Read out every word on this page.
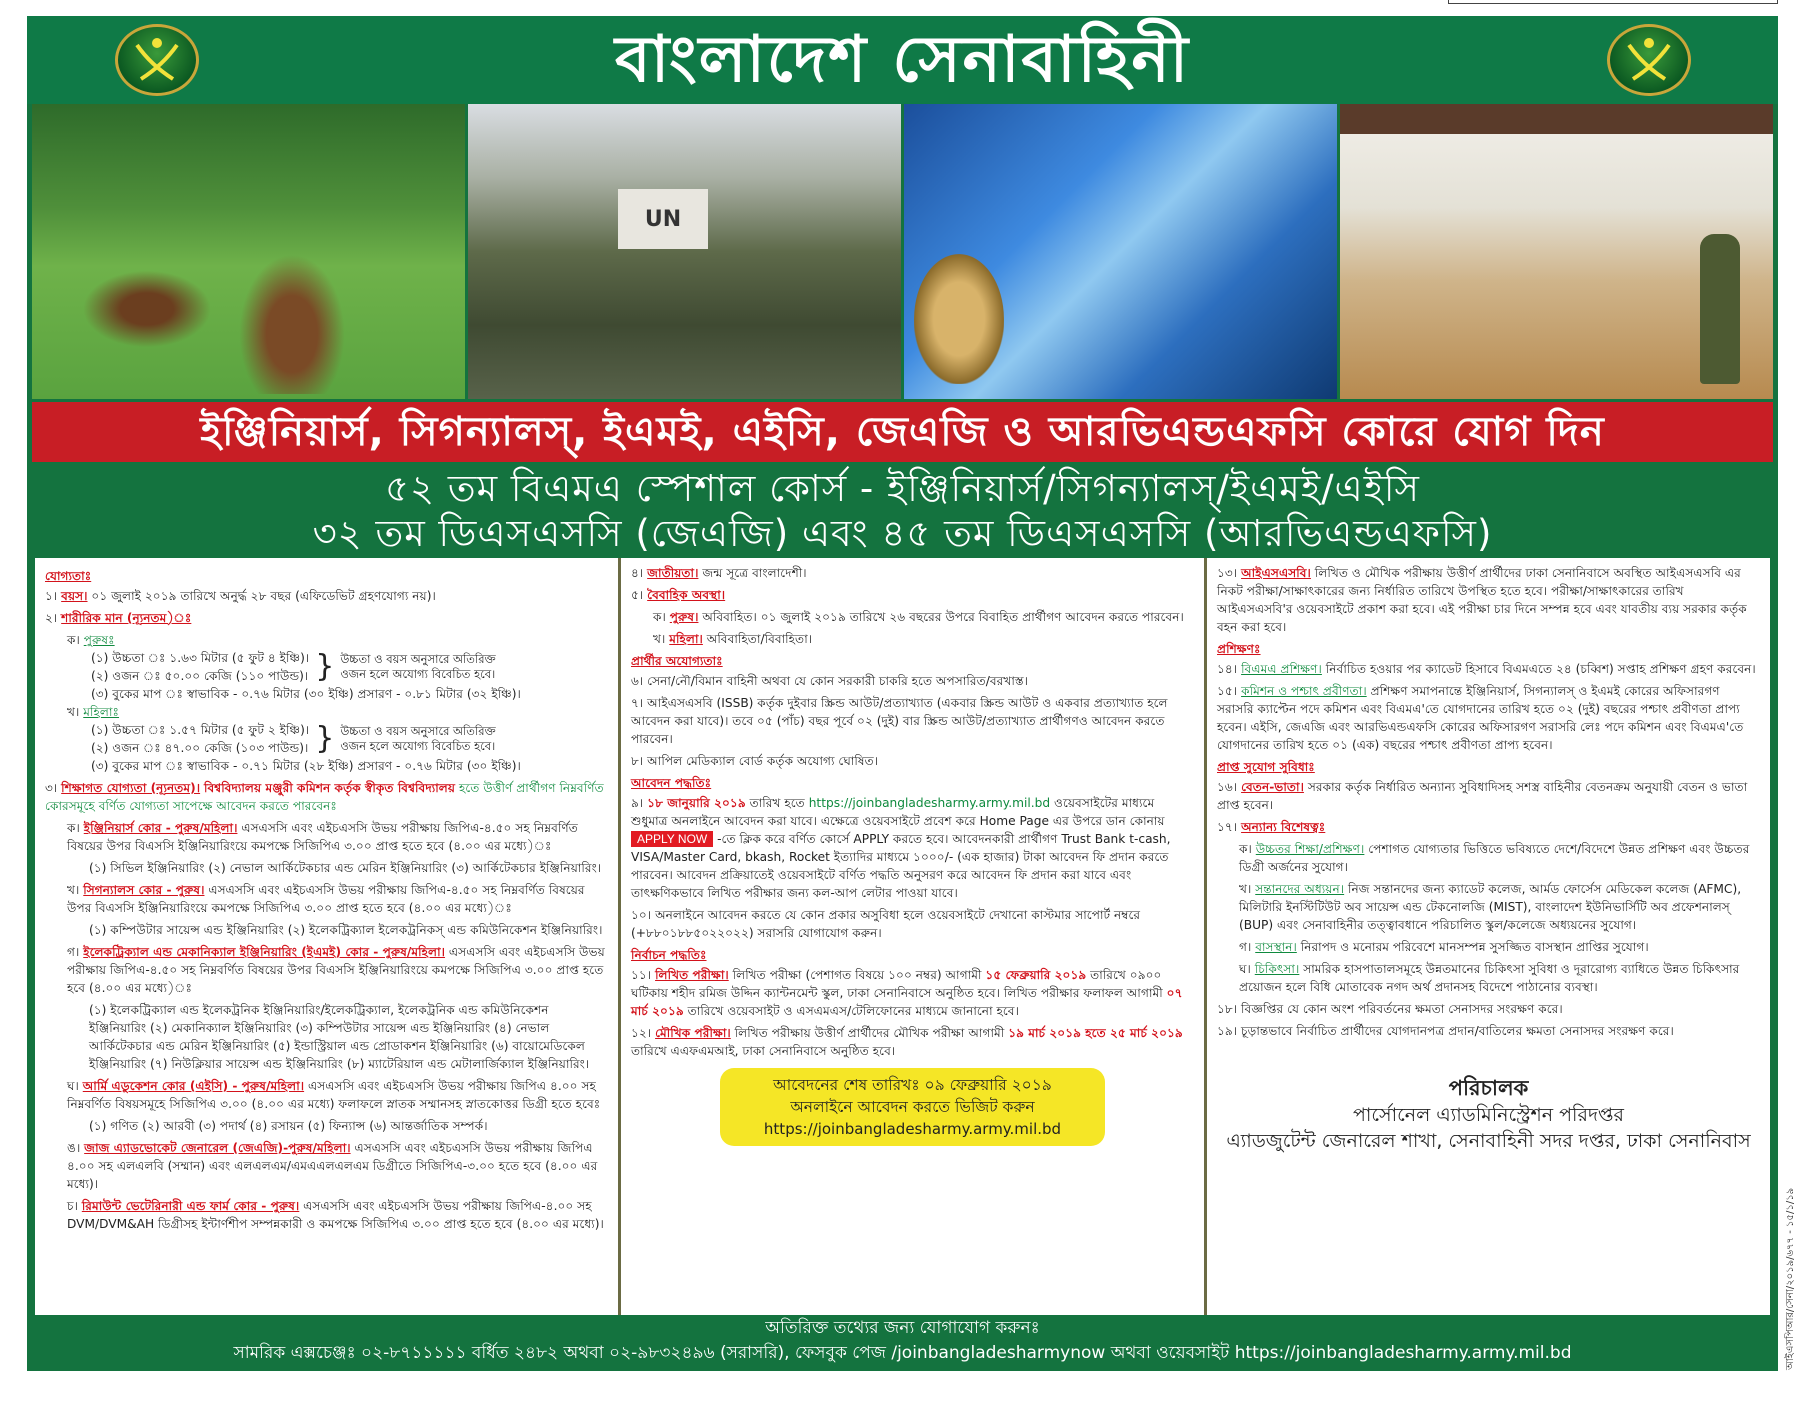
বাংলাদেশ সেনাবাহিনী
UN
ইঞ্জিনিয়ার্স, সিগন্যালস্, ইএমই, এইসি, জেএজি ও আরভিএন্ডএফসি কোরে যোগ দিন
৫২ তম বিএমএ স্পেশাল কোর্স - ইঞ্জিনিয়ার্স/সিগন্যালস্/ইএমই/এইসি
৩২ তম ডিএসএসসি (জেএজি) এবং ৪৫ তম ডিএসএসসি (আরভিএন্ডএফসি)
যোগ্যতাঃ

১। বয়স। ০১ জুলাই ২০১৯ তারিখে অনুর্দ্ধ ২৮ বছর (এফিডেভিট গ্রহণযোগ্য নয়)।

২। শারীরিক মান (ন্যূনতম)ঃ

ক। পুরুষঃ
(১) উচ্চতা ঃ ১.৬৩ মিটার (৫ ফুট ৪ ইঞ্চি)।
(২) ওজন ঃ ৫০.০০ কেজি (১১০ পাউন্ড)। } উচ্চতা ও বয়স অনুসারে অতিরিক্ত ওজন হলে অযোগ্য বিবেচিত হবে।
(৩) বুকের মাপ ঃ স্বাভাবিক - ০.৭৬ মিটার (৩০ ইঞ্চি) প্রসারণ - ০.৮১ মিটার (৩২ ইঞ্চি)।
খ। মহিলাঃ
(১) উচ্চতা ঃ ১.৫৭ মিটার (৫ ফুট ২ ইঞ্চি)।
(২) ওজন ঃ ৪৭.০০ কেজি (১০৩ পাউন্ড)। } উচ্চতা ও বয়স অনুসারে অতিরিক্ত ওজন হলে অযোগ্য বিবেচিত হবে।
(৩) বুকের মাপ ঃ স্বাভাবিক - ০.৭১ মিটার (২৮ ইঞ্চি) প্রসারণ - ০.৭৬ মিটার (৩০ ইঞ্চি)।

৩। শিক্ষাগত যোগ্যতা (ন্যূনতম)। বিশ্ববিদ্যালয় মঞ্জুরী কমিশন কর্তৃক স্বীকৃত বিশ্ববিদ্যালয় হতে উত্তীর্ণ প্রার্থীগণ নিম্নবর্ণিত কোরসমূহে বর্ণিত যোগ্যতা সাপেক্ষে আবেদন করতে পারবেনঃ

ক। ইঞ্জিনিয়ার্স কোর - পুরুষ/মহিলা। এসএসসি এবং এইচএসসি উভয় পরীক্ষায় জিপিএ-৪.৫০ সহ নিম্নবর্ণিত বিষয়ের উপর বিএসসি ইঞ্জিনিয়ারিংয়ে কমপক্ষে সিজিপিএ ৩.০০ প্রাপ্ত হতে হবে (৪.০০ এর মধ্যে)ঃ

(১) সিভিল ইঞ্জিনিয়ারিং (২) নেভাল আর্কিটেকচার এন্ড মেরিন ইঞ্জিনিয়ারিং (৩) আর্কিটেকচার ইঞ্জিনিয়ারিং।

খ। সিগন্যালস কোর - পুরুষ। এসএসসি এবং এইচএসসি উভয় পরীক্ষায় জিপিএ-৪.৫০ সহ নিম্নবর্ণিত বিষয়ের উপর বিএসসি ইঞ্জিনিয়ারিংয়ে কমপক্ষে সিজিপিএ ৩.০০ প্রাপ্ত হতে হবে (৪.০০ এর মধ্যে)ঃ

(১) কম্পিউটার সায়েন্স এন্ড ইঞ্জিনিয়ারিং (২) ইলেকট্রিক্যাল ইলেকট্রনিকস্ এন্ড কমিউনিকেশন ইঞ্জিনিয়ারিং।

গ। ইলেকট্রিক্যাল এন্ড মেকানিক্যাল ইঞ্জিনিয়ারিং (ইএমই) কোর - পুরুষ/মহিলা। এসএসসি এবং এইচএসসি উভয় পরীক্ষায় জিপিএ-৪.৫০ সহ নিম্নবর্ণিত বিষয়ের উপর বিএসসি ইঞ্জিনিয়ারিংয়ে কমপক্ষে সিজিপিএ ৩.০০ প্রাপ্ত হতে হবে (৪.০০ এর মধ্যে)ঃ

(১) ইলেকট্রিক্যাল এন্ড ইলেকট্রনিক ইঞ্জিনিয়ারিং/ইলেকট্রিক্যাল, ইলেকট্রনিক এন্ড কমিউনিকেশন ইঞ্জিনিয়ারিং (২) মেকানিক্যাল ইঞ্জিনিয়ারিং (৩) কম্পিউটার সায়েন্স এন্ড ইঞ্জিনিয়ারিং (৪) নেভাল আর্কিটেকচার এন্ড মেরিন ইঞ্জিনিয়ারিং (৫) ইন্ডাস্ট্রিয়াল এন্ড প্রোডাকশন ইঞ্জিনিয়ারিং (৬) বায়োমেডিকেল ইঞ্জিনিয়ারিং (৭) নিউক্লিয়ার সায়েন্স এন্ড ইঞ্জিনিয়ারিং (৮) ম্যাটেরিয়াল এন্ড মেটালার্জিক্যাল ইঞ্জিনিয়ারিং।

ঘ। আর্মি এডুকেশন কোর (এইসি) - পুরুষ/মহিলা। এসএসসি এবং এইচএসসি উভয় পরীক্ষায় জিপিএ ৪.০০ সহ নিম্নবর্ণিত বিষয়সমূহে সিজিপিএ ৩.০০ (৪.০০ এর মধ্যে) ফলাফলে স্নাতক সম্মানসহ স্নাতকোত্তর ডিগ্রী হতে হবেঃ

(১) গণিত (২) আরবী (৩) পদার্থ (৪) রসায়ন (৫) ফিন্যান্স (৬) আন্তর্জাতিক সম্পর্ক।

ঙ। জাজ এ্যাডভোকেট জেনারেল (জেএজি)-পুরুষ/মহিলা। এসএসসি এবং এইচএসসি উভয় পরীক্ষায় জিপিএ ৪.০০ সহ এলএলবি (সম্মান) এবং এলএলএম/এমএএলএলএম ডিগ্রীতে সিজিপিএ-৩.০০ হতে হবে (৪.০০ এর মধ্যে)।

চ। রিমাউন্ট ভেটেরিনারী এন্ড ফার্ম কোর - পুরুষ। এসএসসি এবং এইচএসসি উভয় পরীক্ষায় জিপিএ-৪.০০ সহ DVM/DVM&AH ডিগ্রীসহ ইন্টার্ণশীপ সম্পন্নকারী ও কমপক্ষে সিজিপিএ ৩.০০ প্রাপ্ত হতে হবে (৪.০০ এর মধ্যে)।

৪। জাতীয়তা। জন্ম সূত্রে বাংলাদেশী।

৫। বৈবাহিক অবস্থা।

ক। পুরুষ। অবিবাহিত। ০১ জুলাই ২০১৯ তারিখে ২৬ বছরের উপরে বিবাহিত প্রার্থীগণ আবেদন করতে পারবেন।

খ। মহিলা। অবিবাহিতা/বিবাহিতা।

প্রার্থীর অযোগ্যতাঃ

৬। সেনা/নৌ/বিমান বাহিনী অথবা যে কোন সরকারী চাকরি হতে অপসারিত/বরখাস্ত।

৭। আইএসএসবি (ISSB) কর্তৃক দুইবার স্ক্রিন্ড আউট/প্রত্যাখ্যাত (একবার স্ক্রিন্ড আউট ও একবার প্রত্যাখ্যাত হলে আবেদন করা যাবে)। তবে ০৫ (পাঁচ) বছর পূর্বে ০২ (দুই) বার স্ক্রিন্ড আউট/প্রত্যাখ্যাত প্রার্থীগণও আবেদন করতে পারবেন।

৮। আপিল মেডিক্যাল বোর্ড কর্তৃক অযোগ্য ঘোষিত।

আবেদন পদ্ধতিঃ

৯। ১৮ জানুয়ারি ২০১৯ তারিখ হতে https://joinbangladesharmy.army.mil.bd ওয়েবসাইটের মাধ্যমে শুধুমাত্র অনলাইনে আবেদন করা যাবে। এক্ষেত্রে ওয়েবসাইটে প্রবেশ করে Home Page এর উপরে ডান কোনায় APPLY NOW -তে ক্লিক করে বর্ণিত কোর্সে APPLY করতে হবে। আবেদনকারী প্রার্থীগণ Trust Bank t-cash, VISA/Master Card, bkash, Rocket ইত্যাদির মাধ্যমে ১০০০/- (এক হাজার) টাকা আবেদন ফি প্রদান করতে পারবেন। আবেদন প্রক্রিয়াতেই ওয়েবসাইটে বর্ণিত পদ্ধতি অনুসরণ করে আবেদন ফি প্রদান করা যাবে এবং তাৎক্ষণিকভাবে লিখিত পরীক্ষার জন্য কল-আপ লেটার পাওয়া যাবে।

১০। অনলাইনে আবেদন করতে যে কোন প্রকার অসুবিধা হলে ওয়েবসাইটে দেখানো কাস্টমার সাপোর্ট নম্বরে (+৮৮০১৮৮৫০২২০২২) সরাসরি যোগাযোগ করুন।

নির্বাচন পদ্ধতিঃ

১১। লিখিত পরীক্ষা। লিখিত পরীক্ষা (পেশাগত বিষয়ে ১০০ নম্বর) আগামী ১৫ ফেব্রুয়ারি ২০১৯ তারিখে ০৯০০ ঘটিকায় শহীদ রমিজ উদ্দিন ক্যান্টনমেন্ট স্কুল, ঢাকা সেনানিবাসে অনুষ্ঠিত হবে। লিখিত পরীক্ষার ফলাফল আগামী ০৭ মার্চ ২০১৯ তারিখে ওয়েবসাইট ও এসএমএস/টেলিফোনের মাধ্যমে জানানো হবে।

১২। মৌখিক পরীক্ষা। লিখিত পরীক্ষায় উত্তীর্ণ প্রার্থীদের মৌখিক পরীক্ষা আগামী ১৯ মার্চ ২০১৯ হতে ২৫ মার্চ ২০১৯ তারিখে এএফএমআই, ঢাকা সেনানিবাসে অনুষ্ঠিত হবে।

আবেদনের শেষ তারিখঃ ০৯ ফেব্রুয়ারি ২০১৯
অনলাইনে আবেদন করতে ভিজিট করুন
https://joinbangladesharmy.army.mil.bd

১৩। আইএসএসবি। লিখিত ও মৌখিক পরীক্ষায় উত্তীর্ণ প্রার্থীদের ঢাকা সেনানিবাসে অবস্থিত আইএসএসবি এর নিকট পরীক্ষা/সাক্ষাৎকারের জন্য নির্ধারিত তারিখে উপস্থিত হতে হবে। পরীক্ষা/সাক্ষাৎকারের তারিখ আইএসএসবি'র ওয়েবসাইটে প্রকাশ করা হবে। এই পরীক্ষা চার দিনে সম্পন্ন হবে এবং যাবতীয় ব্যয় সরকার কর্তৃক বহন করা হবে।

প্রশিক্ষণঃ

১৪। বিএমএ প্রশিক্ষণ। নির্বাচিত হওয়ার পর ক্যাডেট হিসাবে বিএমএতে ২৪ (চব্বিশ) সপ্তাহ প্রশিক্ষণ গ্রহণ করবেন।

১৫। কমিশন ও পশ্চাৎ প্রবীণতা। প্রশিক্ষণ সমাপনান্তে ইঞ্জিনিয়ার্স, সিগন্যালস্ ও ইএমই কোরের অফিসারগণ সরাসরি ক্যাপ্টেন পদে কমিশন এবং বিএমএ'তে যোগদানের তারিখ হতে ০২ (দুই) বছরের পশ্চাৎ প্রবীণতা প্রাপ্য হবেন। এইসি, জেএজি এবং আরভিএন্ডএফসি কোরের অফিসারগণ সরাসরি লেঃ পদে কমিশন এবং বিএমএ'তে যোগদানের তারিখ হতে ০১ (এক) বছরের পশ্চাৎ প্রবীণতা প্রাপ্য হবেন।

প্রাপ্ত সুযোগ সুবিধাঃ

১৬। বেতন-ভাতা। সরকার কর্তৃক নির্ধারিত অন্যান্য সুবিধাদিসহ সশস্ত্র বাহিনীর বেতনক্রম অনুযায়ী বেতন ও ভাতা প্রাপ্ত হবেন।

১৭। অন্যান্য বিশেষত্বঃ

ক। উচ্চতর শিক্ষা/প্রশিক্ষণ। পেশাগত যোগ্যতার ভিত্তিতে ভবিষ্যতে দেশে/বিদেশে উন্নত প্রশিক্ষণ এবং উচ্চতর ডিগ্রী অর্জনের সুযোগ।

খ। সন্তানদের অধ্যয়ন। নিজ সন্তানদের জন্য ক্যাডেট কলেজ, আর্মড ফোর্সেস মেডিকেল কলেজ (AFMC), মিলিটারি ইনস্টিটিউট অব সায়েন্স এন্ড টেকনোলজি (MIST), বাংলাদেশ ইউনিভার্সিটি অব প্রফেশনালস্ (BUP) এবং সেনাবাহিনীর তত্ত্বাবধানে পরিচালিত স্কুল/কলেজে অধ্যয়নের সুযোগ।

গ। বাসস্থান। নিরাপদ ও মনোরম পরিবেশে মানসম্পন্ন সুসজ্জিত বাসস্থান প্রাপ্তির সুযোগ।

ঘ। চিকিৎসা। সামরিক হাসপাতালসমূহে উন্নতমানের চিকিৎসা সুবিধা ও দূরারোগ্য ব্যাধিতে উন্নত চিকিৎসার প্রয়োজন হলে বিধি মোতাবেক নগদ অর্থ প্রদানসহ বিদেশে পাঠানোর ব্যবস্থা।

১৮। বিজ্ঞপ্তির যে কোন অংশ পরিবর্তনের ক্ষমতা সেনাসদর সংরক্ষণ করে।

১৯। চূড়ান্তভাবে নির্বাচিত প্রার্থীদের যোগদানপত্র প্রদান/বাতিলের ক্ষমতা সেনাসদর সংরক্ষণ করে।

পরিচালক
পার্সোনেল এ্যাডমিনিস্ট্রেশন পরিদপ্তর
এ্যাডজুটেন্ট জেনারেল শাখা, সেনাবাহিনী সদর দপ্তর, ঢাকা সেনানিবাস
অতিরিক্ত তথ্যের জন্য যোগাযোগ করুনঃ
সামরিক এক্সচেঞ্জঃ ০২-৮৭১১১১১ বর্ধিত ২৪৮২ অথবা ০২-৯৮৩২৪৯৬ (সরাসরি), ফেসবুক পেজ /joinbangladesharmynow অথবা ওয়েবসাইট https://joinbangladesharmy.army.mil.bd	আইএসপিআর/সেনা/২০১৯/৬৭৭ - ১৫/১/১৯
